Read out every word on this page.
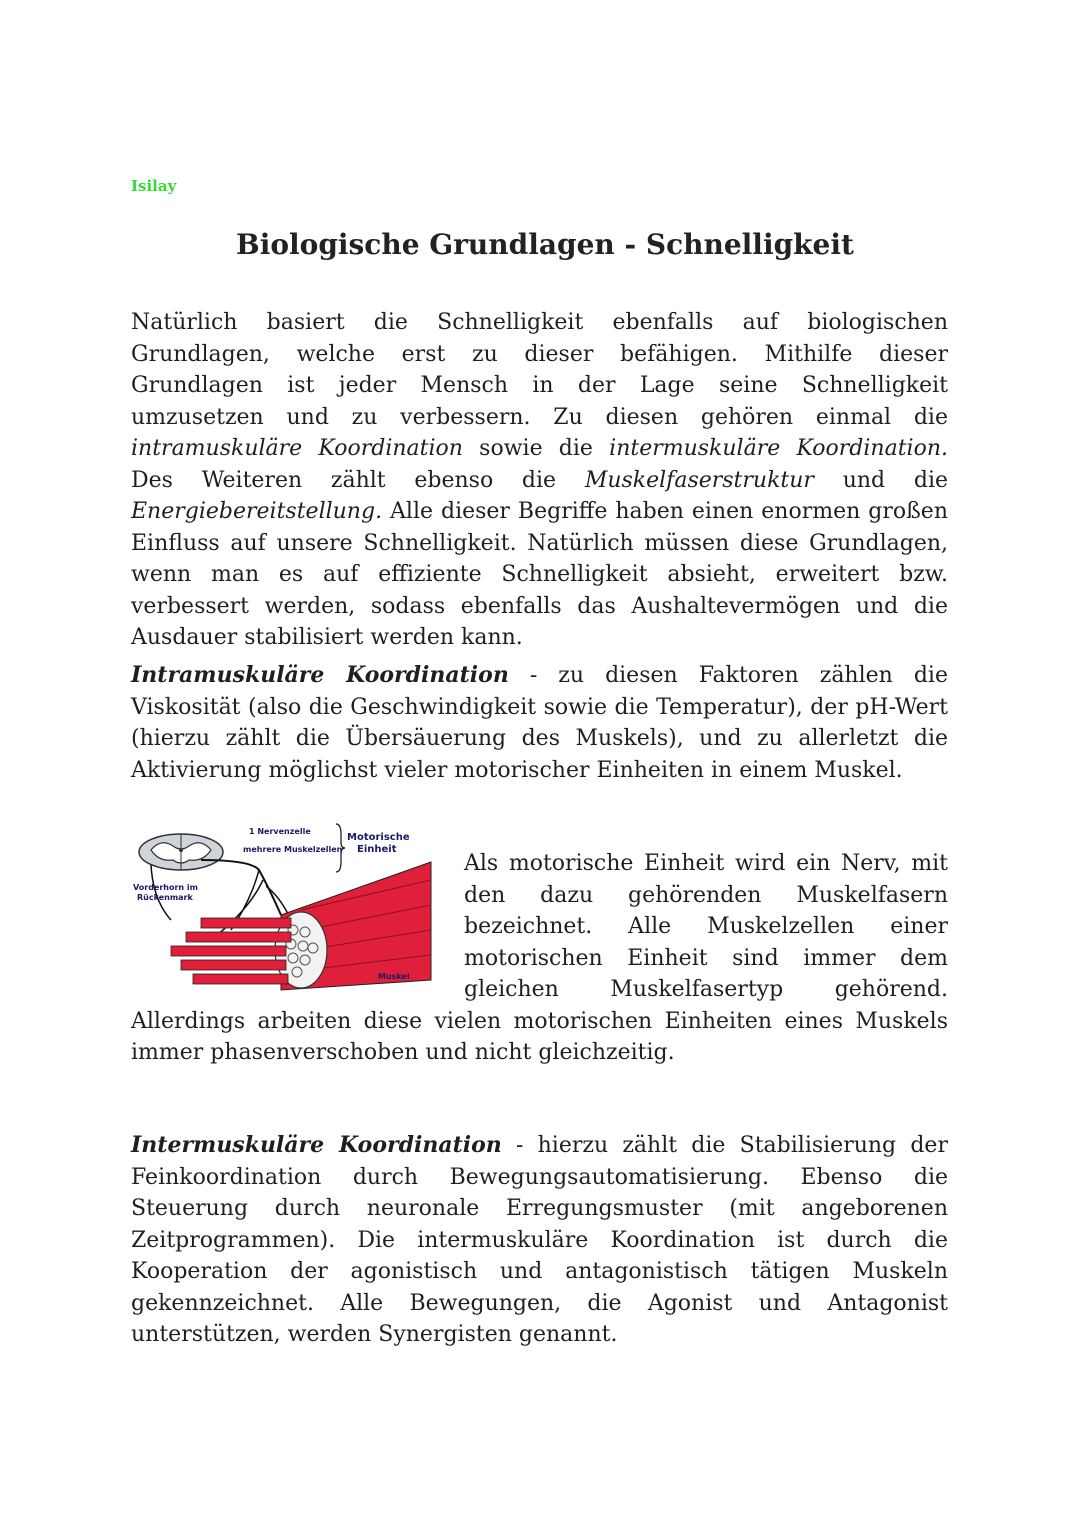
Isilay
Biologische Grundlagen - Schnelligkeit

Natürlich basiert die Schnelligkeit ebenfalls auf biologischen Grundlagen, welche erst zu dieser befähigen. Mithilfe dieser Grundlagen ist jeder Mensch in der Lage seine Schnelligkeit umzusetzen und zu verbessern. Zu diesen gehören einmal die intramuskuläre Koordination sowie die intermuskuläre Koordination. Des Weiteren zählt ebenso die Muskelfaserstruktur und die Energiebereitstellung. Alle dieser Begriffe haben einen enormen großen Einfluss auf unsere Schnelligkeit. Natürlich müssen diese Grundlagen, wenn man es auf effiziente Schnelligkeit absieht, erweitert bzw. verbessert werden, sodass ebenfalls das Aushaltevermögen und die Ausdauer stabilisiert werden kann.

Intramuskuläre Koordination - zu diesen Faktoren zählen die Viskosität (also die Geschwindigkeit sowie die Temperatur), der pH-Wert (hierzu zählt die Übersäuerung des Muskels), und zu allerletzt die Aktivierung möglichst vieler motorischer Einheiten in einem Muskel.

1 Nervenzelle
mehrere Muskelzellen
Motorische
Einheit
Vorderhorn im
Rückenmark
Muskel
Als motorische Einheit wird ein Nerv, mit den dazu gehörenden Muskelfasern bezeichnet. Alle Muskelzellen einer motorischen Einheit sind immer dem gleichen Muskelfasertyp gehörend. Allerdings arbeiten diese vielen motorischen Einheiten eines Muskels immer phasenverschoben und nicht gleichzeitig.

Intermuskuläre Koordination - hierzu zählt die Stabilisierung der Feinkoordination durch Bewegungsautomatisierung. Ebenso die Steuerung durch neuronale Erregungsmuster (mit angeborenen Zeitprogrammen). Die intermuskuläre Koordination ist durch die Kooperation der agonistisch und antagonistisch tätigen Muskeln gekennzeichnet. Alle Bewegungen, die Agonist und Antagonist unterstützen, werden Synergisten genannt.
